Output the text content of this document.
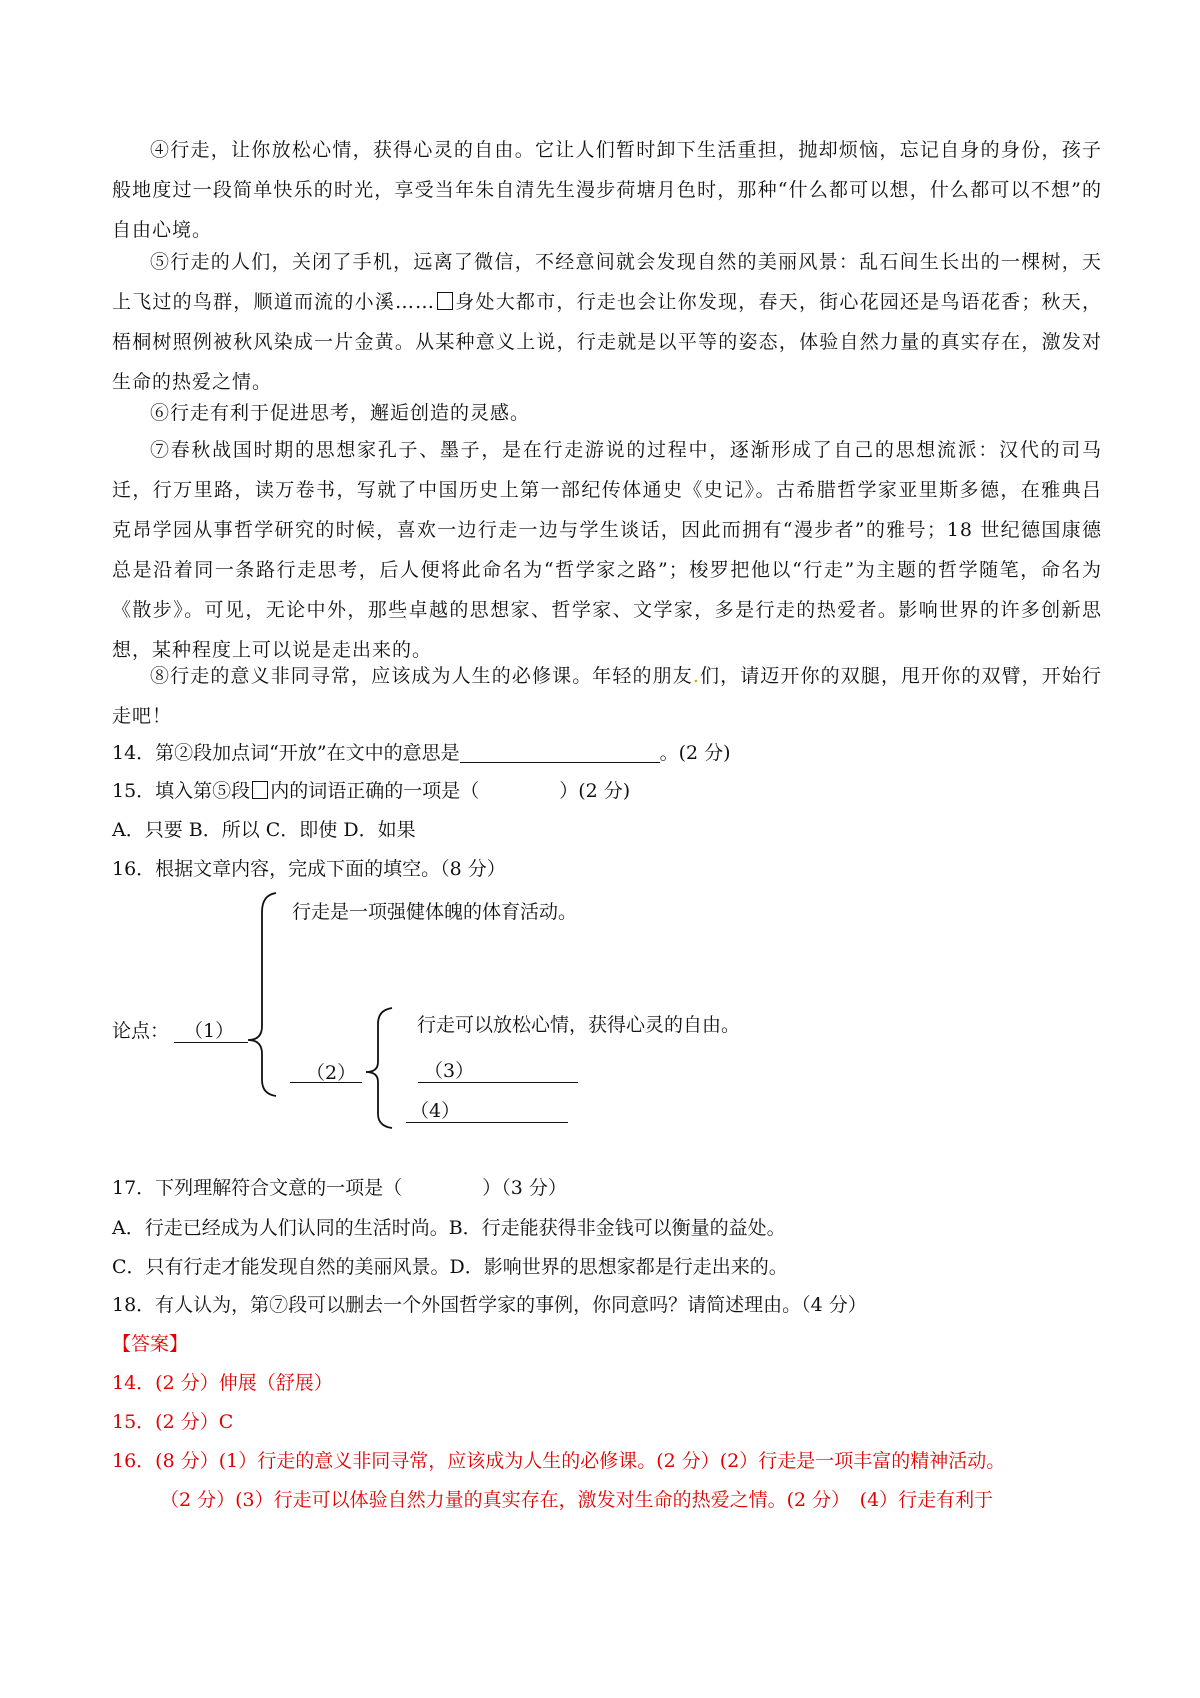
④行走，让你放松心情，获得心灵的自由。它让人们暂时卸下生活重担，抛却烦恼，忘记自身的身份，孩子般地度过一段简单快乐的时光，享受当年朱自清先生漫步荷塘月色时，那种“什么都可以想，什么都可以不想”的自由心境。
⑤行走的人们，关闭了手机，远离了微信，不经意间就会发现自然的美丽风景：乱石间生长出的一棵树，天上飞过的鸟群，顺道而流的小溪…… 身处大都市，行走也会让你发现，春天，街心花园还是鸟语花香；秋天，梧桐树照例被秋风染成一片金黄。从某种意义上说，行走就是以平等的姿态，体验自然力量的真实存在，激发对生命的热爱之情。
⑥行走有利于促进思考，邂逅创造的灵感。
⑦春秋战国时期的思想家孔子、墨子，是在行走游说的过程中，逐渐形成了自己的思想流派：汉代的司马迁，行万里路，读万卷书，写就了中国历史上第一部纪传体通史《史记》。古希腊哲学家亚里斯多德，在雅典吕克昂学园从事哲学研究的时候，喜欢一边行走一边与学生谈话，因此而拥有“漫步者”的雅号；18 世纪德国康德总是沿着同一条路行走思考，后人便将此命名为“哲学家之路”；梭罗把他以“行走”为主题的哲学随笔，命名为《散步》。可见，无论中外，那些卓越的思想家、哲学家、文学家，多是行走的热爱者。影响世界的许多创新思想，某种程度上可以说是走出来的。
⑧行走的意义非同寻常，应该成为人生的必修课。年轻的朋友.们，请迈开你的双腿，甩开你的双臂，开始行走吧！
14．第②段加点词“开放”在文中的意思是	。(2 分)
15．填入第⑤段 内的词语正确的一项是（	）(2 分)
A．只要 B．所以 C．即使 D．如果
16．根据文章内容，完成下面的填空。（8 分）
行走是一项强健体魄的体育活动。
论点： （1）	行走可以放松心情，获得心灵的自由。
（2）	（3）
（4）
17．下列理解符合文意的一项是（	）（3 分）
A．行走已经成为人们认同的生活时尚。B．行走能获得非金钱可以衡量的益处。
C．只有行走才能发现自然的美丽风景。D．影响世界的思想家都是行走出来的。
18．有人认为，第⑦段可以删去一个外国哲学家的事例，你同意吗？请简述理由。（4 分）
【答案】
14．(2 分）伸展（舒展）
15．(2 分）C
16．(8 分）(1）行走的意义非同寻常，应该成为人生的必修课。(2 分）(2）行走是一项丰富的精神活动。
（2 分）(3）行走可以体验自然力量的真实存在，激发对生命的热爱之情。(2 分）　(4）行走有利于
